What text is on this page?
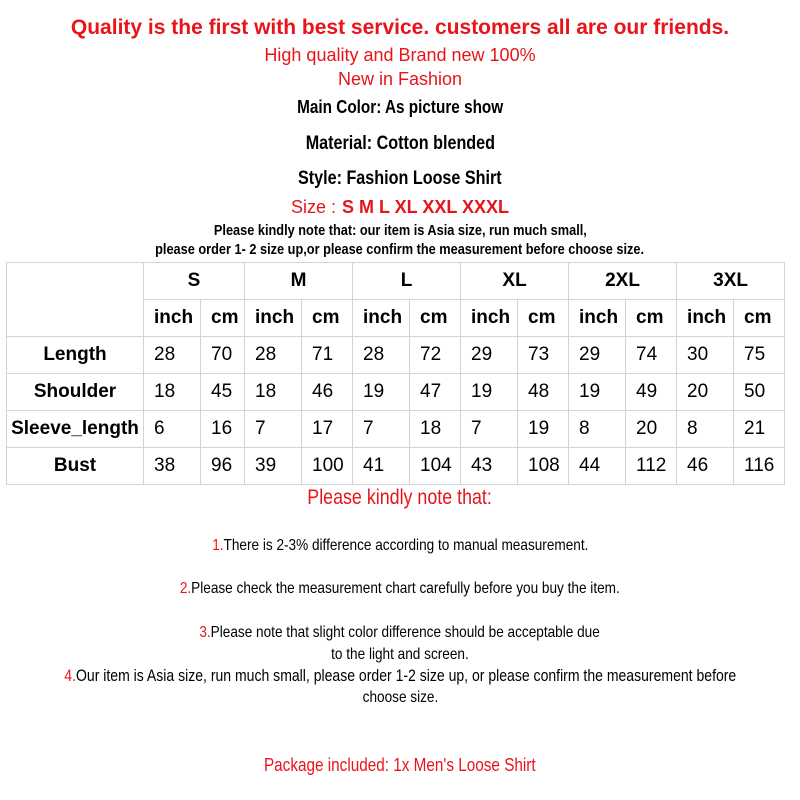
Quality is the first with best service. customers all are our friends.
High quality and Brand new 100%
New in Fashion
Main Color: As picture show
Material: Cotton blended
Style: Fashion Loose Shirt
Size : S M L XL XXL XXXL
Please kindly note that: our item is Asia size, run much small,
please order 1- 2 size up,or please confirm the measurement before choose size.
	S		M		L		XL		2XL		3XL	
	inch	cm	inch	cm	inch	cm	inch	cm	inch	cm	inch	cm
Length	28	70	28	71	28	72	29	73	29	74	30	75
Shoulder	18	45	18	46	19	47	19	48	19	49	20	50
Sleeve_length	6	16	7	17	7	18	7	19	8	20	8	21
Bust	38	96	39	100	41	104	43	108	44	112	46	116
Please kindly note that:
1.There is 2-3% difference according to manual measurement.
2.Please check the measurement chart carefully before you buy the item.
3.Please note that slight color difference should be acceptable due
to the light and screen.
4.Our item is Asia size, run much small, please order 1-2 size up, or please confirm the measurement before
choose size.
Package included: 1x Men's Loose Shirt
